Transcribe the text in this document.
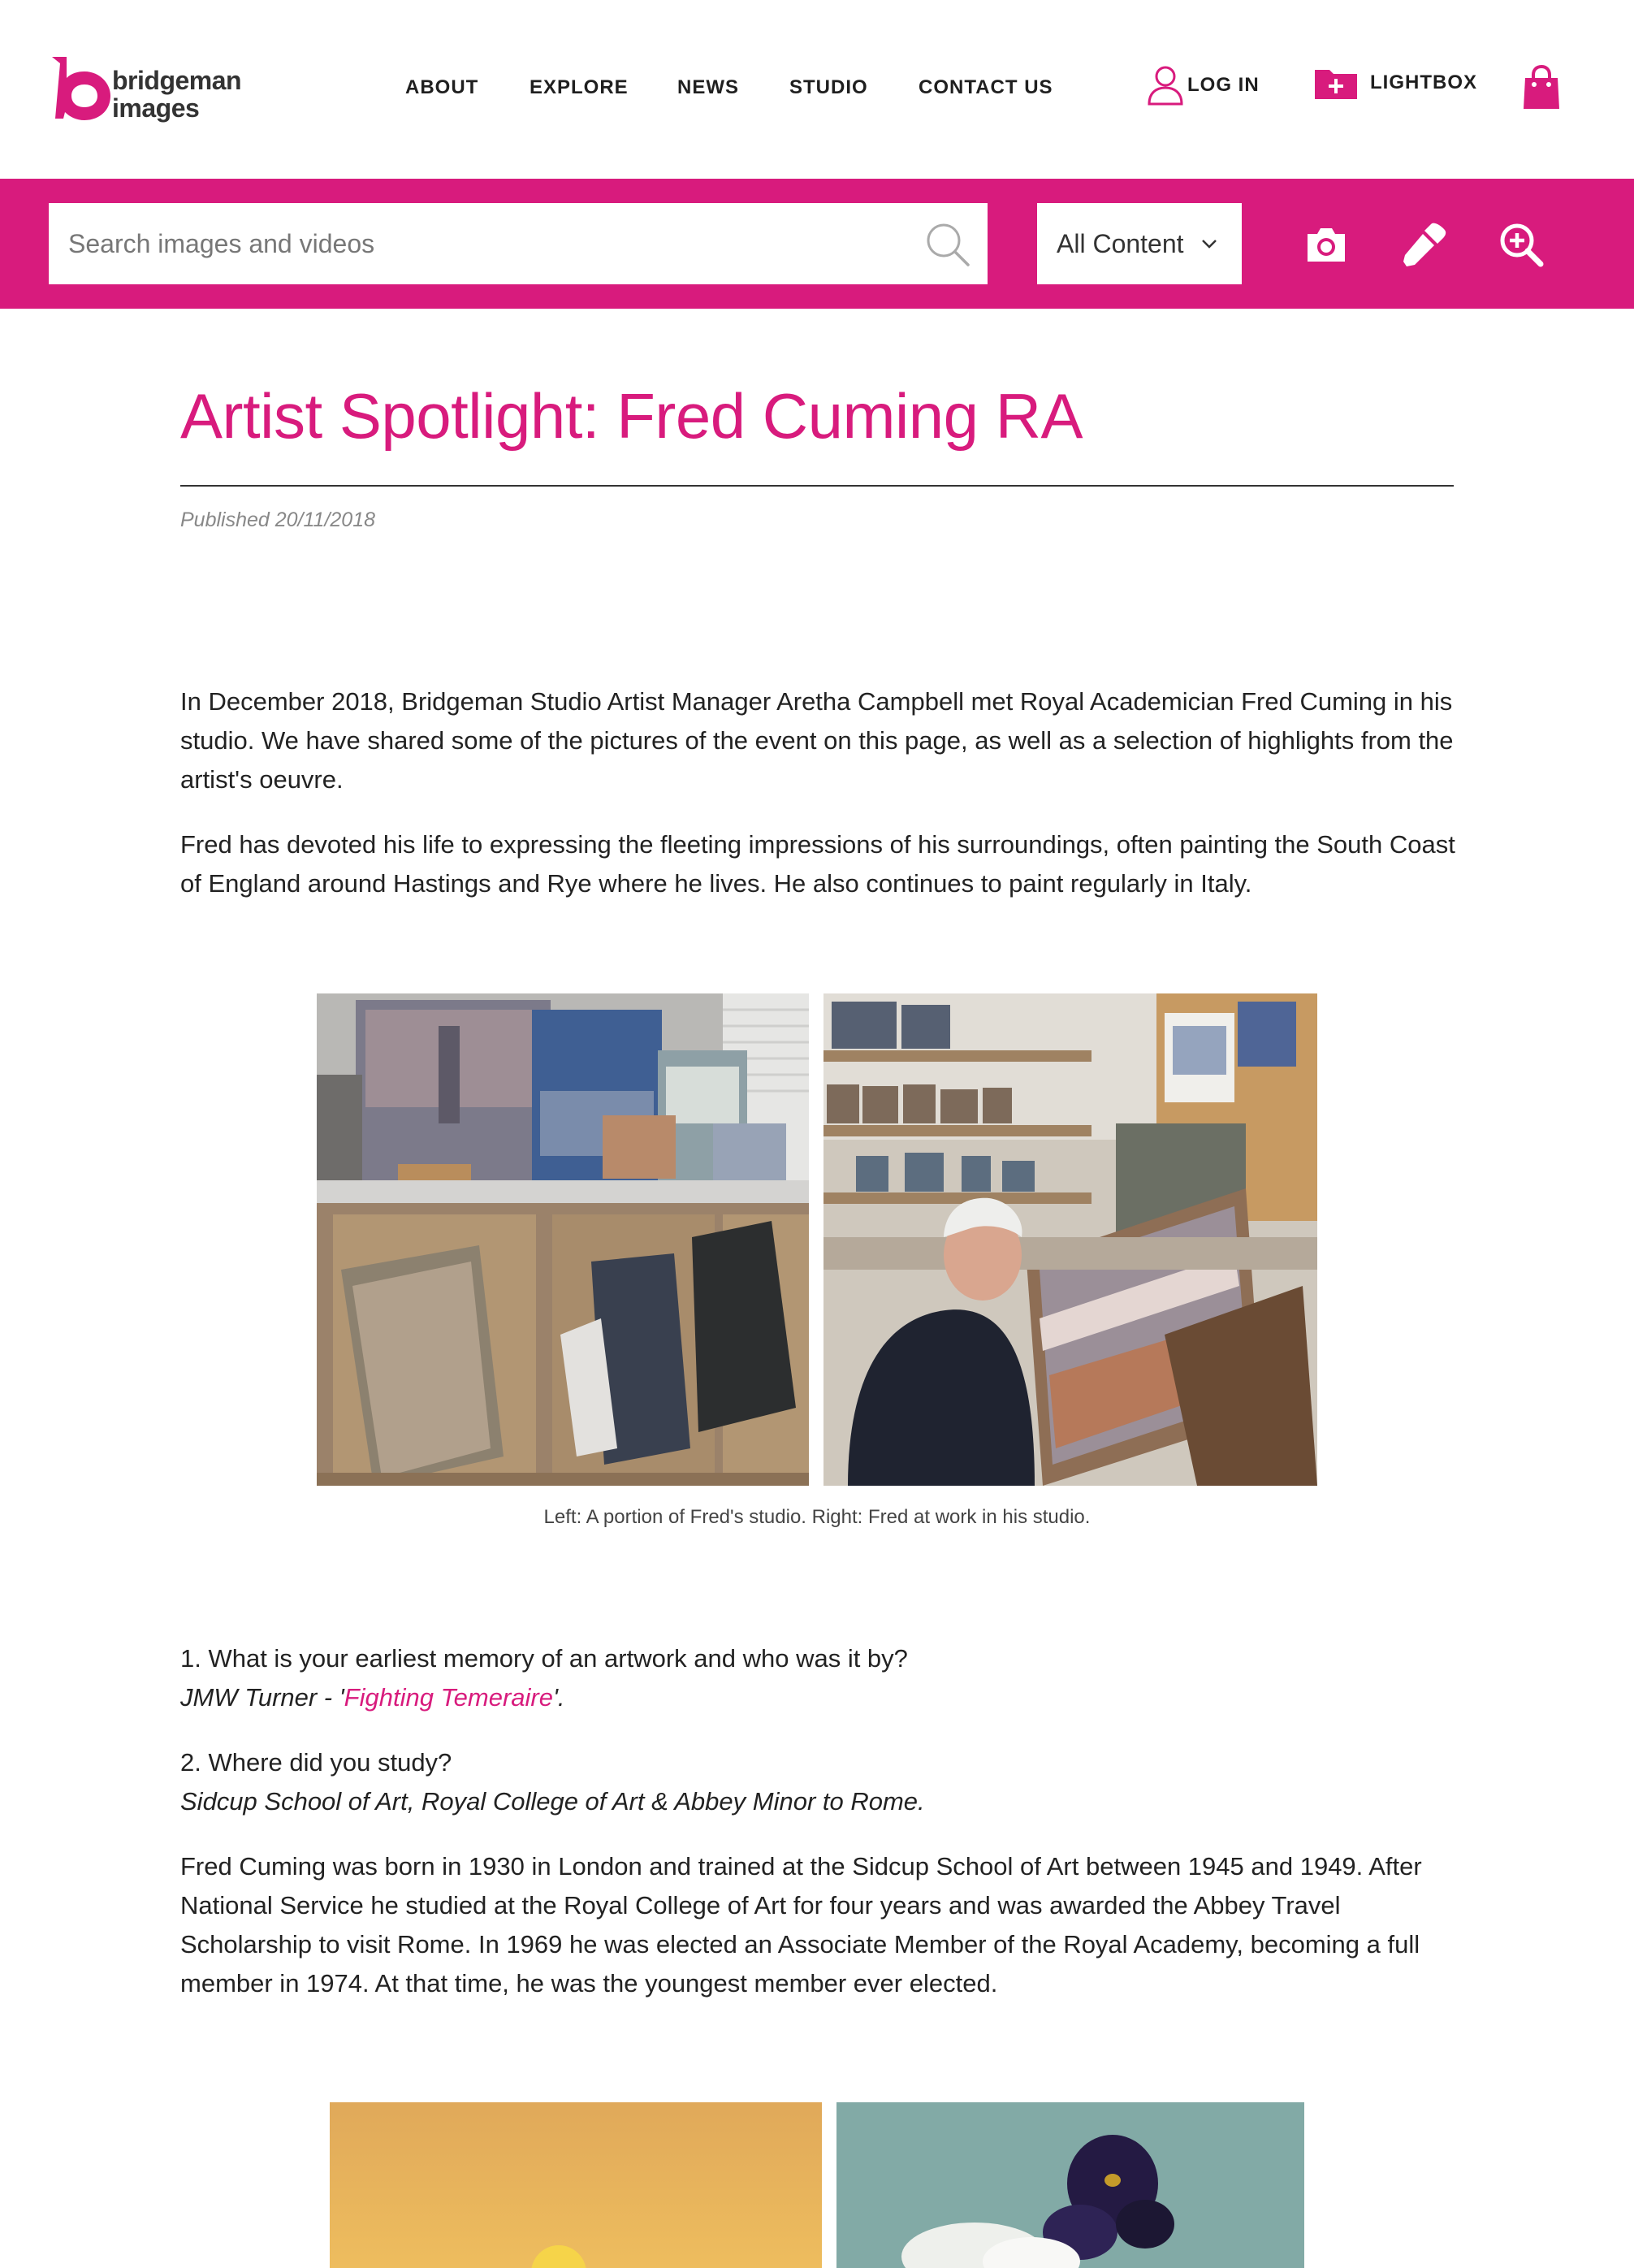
bridgeman
images
ABOUT	EXPLORE	NEWS	STUDIO	CONTACT US	LOG IN	LIGHTBOX
Search images and videos
All Content
Artist Spotlight: Fred Cuming RA
Published 20/11/2018

In December 2018, Bridgeman Studio Artist Manager Aretha Campbell met Royal Academician Fred Cuming in his studio. We have shared some of the pictures of the event on this page, as well as a selection of highlights from the artist's oeuvre.

Fred has devoted his life to expressing the fleeting impressions of his surroundings, often painting the South Coast of England around Hastings and Rye where he lives. He also continues to paint regularly in Italy.

Left: A portion of Fred's studio. Right: Fred at work in his studio.

1. What is your earliest memory of an artwork and who was it by?

JMW Turner - 'Fighting Temeraire'.

2. Where did you study?

Sidcup School of Art, Royal College of Art & Abbey Minor to Rome.

Fred Cuming was born in 1930 in London and trained at the Sidcup School of Art between 1945 and 1949. After National Service he studied at the Royal College of Art for four years and was awarded the Abbey Travel Scholarship to visit Rome. In 1969 he was elected an Associate Member of the Royal Academy, becoming a full member in 1974. At that time, he was the youngest member ever elected.
